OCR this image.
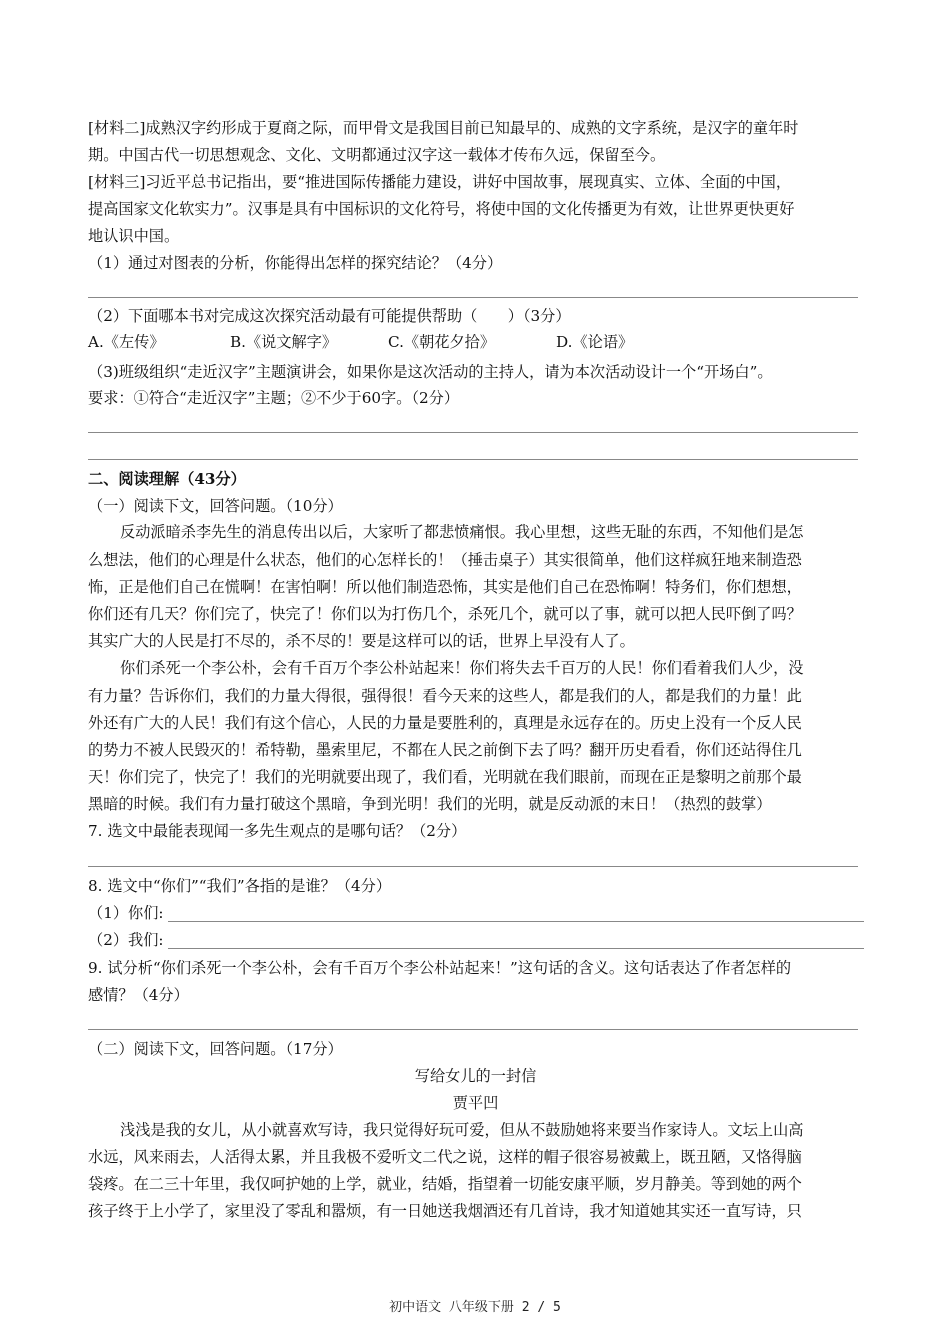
[材料二]成熟汉字约形成于夏商之际，而甲骨文是我国目前已知最早的、成熟的文字系统，是汉字的童年时
期。中国古代一切思想观念、文化、文明都通过汉字这一载体才传布久远，保留至今。
[材料三]习近平总书记指出，要“推进国际传播能力建设，讲好中国故事，展现真实、立体、全面的中国，
提高国家文化软实力”。汉事是具有中国标识的文化符号，将使中国的文化传播更为有效，让世界更快更好
地认识中国。
（1）通过对图表的分析，你能得出怎样的探究结论？（4分）
（2）下面哪本书对完成这次探究活动最有可能提供帮助（　　）（3分）
A.《左传》	B.《说文解字》	C.《朝花夕拾》	D.《论语》
（3)班级组织“走近汉字”主题演讲会，如果你是这次活动的主持人，请为本次活动设计一个“开场白”。
要求：①符合“走近汉字”主题；②不少于60字。（2分）
二、阅读理解（43分）
（一）阅读下文，回答问题。（10分）
反动派暗杀李先生的消息传出以后，大家听了都悲愤痛恨。我心里想，这些无耻的东西，不知他们是怎
么想法，他们的心理是什么状态，他们的心怎样长的！（捶击桌子）其实很简单，他们这样疯狂地来制造恐
怖，正是他们自己在慌啊！在害怕啊！所以他们制造恐怖，其实是他们自己在恐怖啊！特务们，你们想想，
你们还有几天？你们完了，快完了！你们以为打伤几个，杀死几个，就可以了事，就可以把人民吓倒了吗？
其实广大的人民是打不尽的，杀不尽的！要是这样可以的话，世界上早没有人了。
你们杀死一个李公朴，会有千百万个李公朴站起来！你们将失去千百万的人民！你们看着我们人少，没
有力量？告诉你们，我们的力量大得很，强得很！看今天来的这些人，都是我们的人，都是我们的力量！此
外还有广大的人民！我们有这个信心，人民的力量是要胜利的，真理是永远存在的。历史上没有一个反人民
的势力不被人民毁灭的！希特勒，墨索里尼，不都在人民之前倒下去了吗？翻开历史看看，你们还站得住几
天！你们完了，快完了！我们的光明就要出现了，我们看，光明就在我们眼前，而现在正是黎明之前那个最
黑暗的时候。我们有力量打破这个黑暗，争到光明！我们的光明，就是反动派的末日！（热烈的鼓掌）
7. 选文中最能表现闻一多先生观点的是哪句话？（2分）
8. 选文中“你们”“我们”各指的是谁？（4分）
（1）你们:
（2）我们:
9. 试分析“你们杀死一个李公朴，会有千百万个李公朴站起来！”这句话的含义。这句话表达了作者怎样的
感情？（4分）
（二）阅读下文，回答问题。（17分）
写给女儿的一封信
贾平凹
浅浅是我的女儿，从小就喜欢写诗，我只觉得好玩可爱，但从不鼓励她将来要当作家诗人。文坛上山高
水远，风来雨去，人活得太累，并且我极不爱听文二代之说，这样的帽子很容易被戴上，既丑陋，又恪得脑
袋疼。在二三十年里，我仅呵护她的上学，就业，结婚，指望着一切能安康平顺，岁月静美。等到她的两个
孩子终于上小学了，家里没了零乱和嚣烦，有一日她送我烟酒还有几首诗，我才知道她其实还一直写诗，只
初中语文 八年级下册 2 / 5
